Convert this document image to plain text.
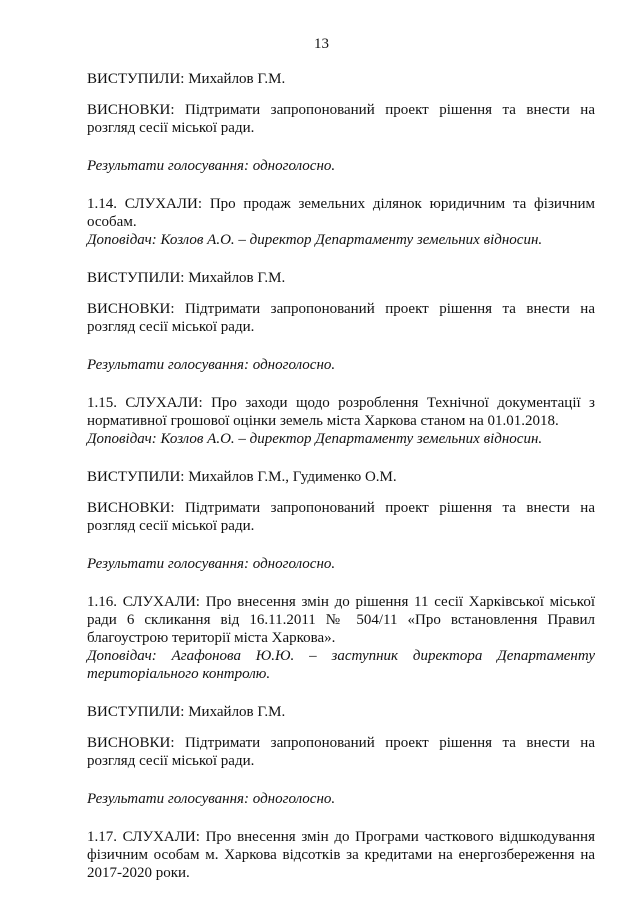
13

ВИСТУПИЛИ: Михайлов Г.М.

ВИСНОВКИ: Підтримати запропонований проект рішення та внести на розгляд сесії міської ради.

Результати голосування: одноголосно.

1.14. СЛУХАЛИ: Про продаж земельних ділянок юридичним та фізичним особам.

Доповідач: Козлов А.О. – директор Департаменту земельних відносин.

ВИСТУПИЛИ: Михайлов Г.М.

ВИСНОВКИ: Підтримати запропонований проект рішення та внести на розгляд сесії міської ради.

Результати голосування: одноголосно.

1.15. СЛУХАЛИ: Про заходи щодо розроблення Технічної документації з нормативної грошової оцінки земель міста Харкова станом на 01.01.2018.

Доповідач: Козлов А.О. – директор Департаменту земельних відносин.

ВИСТУПИЛИ: Михайлов Г.М., Гудименко О.М.

ВИСНОВКИ: Підтримати запропонований проект рішення та внести на розгляд сесії міської ради.

Результати голосування: одноголосно.

1.16. СЛУХАЛИ: Про внесення змін до рішення 11 сесії Харківської міської ради 6 скликання від 16.11.2011 № 504/11 «Про встановлення Правил благоустрою території міста Харкова».

Доповідач: Агафонова Ю.Ю. – заступник директора Департаменту територіального контролю.

ВИСТУПИЛИ: Михайлов Г.М.

ВИСНОВКИ: Підтримати запропонований проект рішення та внести на розгляд сесії міської ради.

Результати голосування: одноголосно.

1.17. СЛУХАЛИ: Про внесення змін до Програми часткового відшкодування фізичним особам м. Харкова відсотків за кредитами на енергозбереження на 2017-2020 роки.
